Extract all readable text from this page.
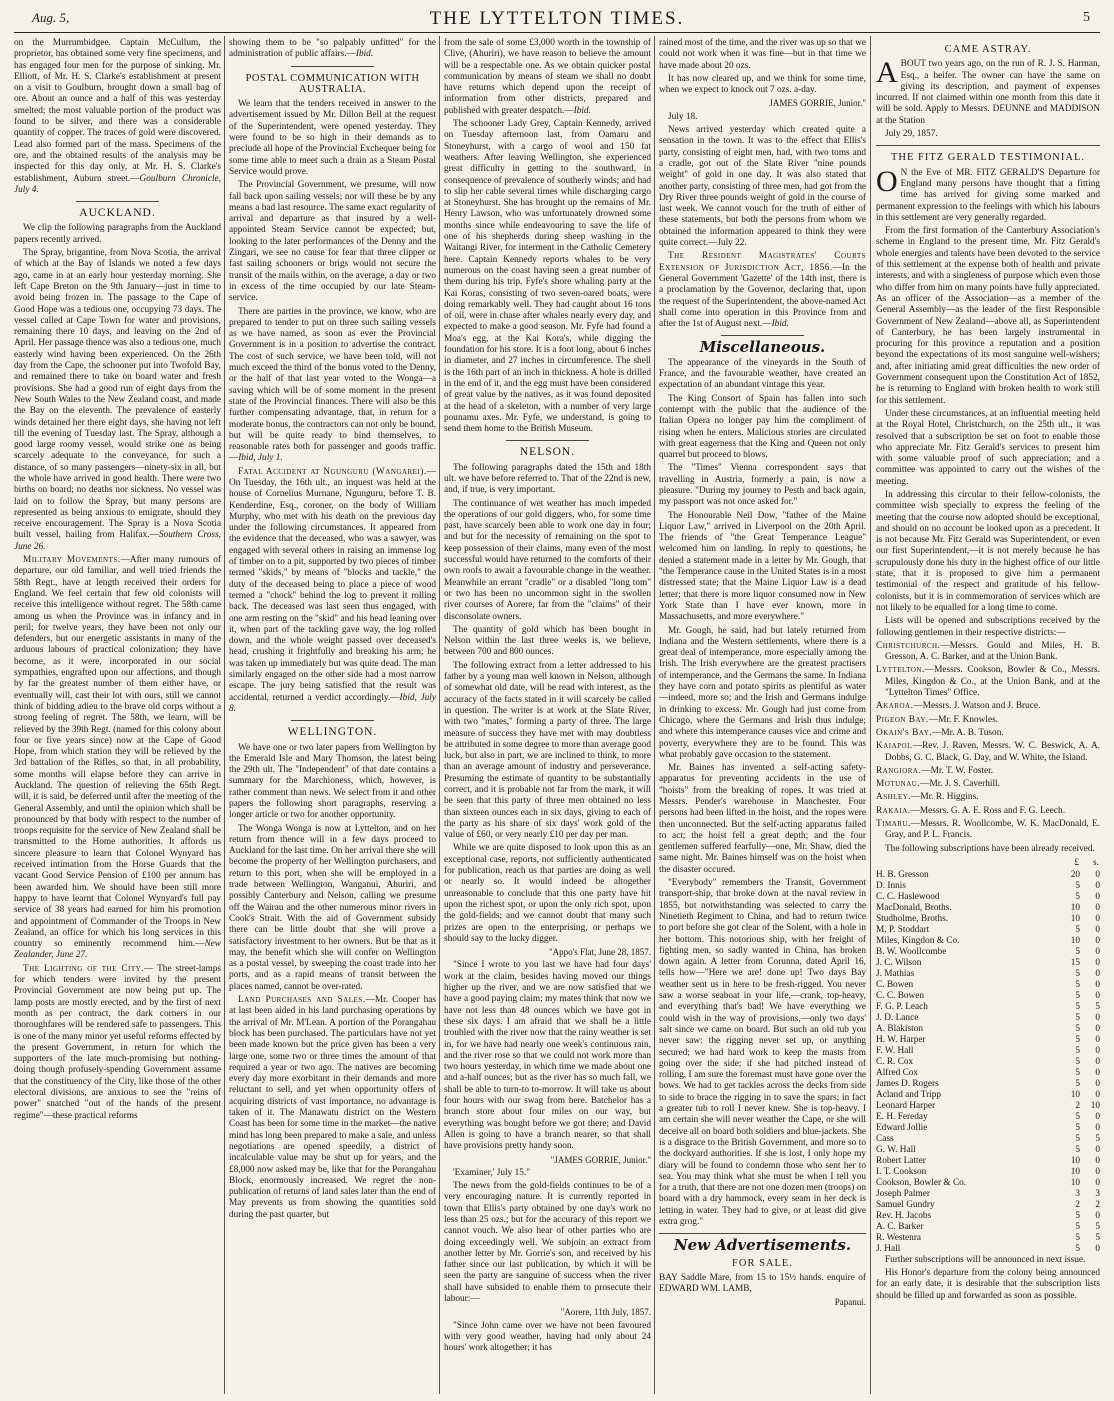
Aug. 5,	THE LYTTELTON TIMES.	5

on the Murrumbidgee. Captain McCullum, the proprietor, has obtained some very fine specimens, and has engaged four men for the purpose of sinking. Mr. Elliott, of Mr. H. S. Clarke's establishment at present on a visit to Goulburn, brought down a small bag of ore. About an ounce and a half of this was yesterday smelted; the most valuable portion of the product was found to be silver, and there was a considerable quantity of copper. The traces of gold were discovered. Lead also formed part of the mass. Specimens of the ore, and the obtained results of the analysis may be inspected for this day only, at Mr. H. S. Clarke's establishment, Auburn street.—Goulburn Chronicle, July 4.

AUCKLAND.

We clip the following paragraphs from the Auckland papers recently arrived.

The Spray, brigantine, from Nova Scotia, the arrival of which at the Bay of Islands we noted a few days ago, came in at an early hour yesterday morning. She left Cape Breton on the 9th January—just in time to avoid being frozen in. The passage to the Cape of Good Hope was a tedious one, occupying 73 days. The vessel called at Cape Town for water and provisions, remaining there 10 days, and leaving on the 2nd of April. Her passage thence was also a tedious one, much easterly wind having been experienced. On the 26th day from the Cape, the schooner put into Twofold Bay, and remained there to take on board water and fresh provisions. She had a good run of eight days from the New South Wales to the New Zealand coast, and made the Bay on the eleventh. The prevalence of easterly winds detained her there eight days, she having not left till the evening of Tuesday last. The Spray, although a good large roomy vessel, would strike one as being scarcely adequate to the conveyance, for such a distance, of so many passengers—ninety-six in all, but the whole have arrived in good health. There were two births on board; no deaths nor sickness. No vessel was laid on to follow the Spray, but many persons are represented as being anxious to emigrate, should they receive encouragement. The Spray is a Nova Scotia built vessel, hailing from Halifax.—Southern Cross, June 26.

Military Movements.—After many rumours of departure, our old familiar, and well tried friends the 58th Regt., have at length received their orders for England. We feel certain that few old colonists will receive this intelligence without regret. The 58th came among us when the Province was in infancy and in peril; for twelve years, they have been not only our defenders, but our energetic assistants in many of the arduous labours of practical colonization; they have become, as it were, incorporated in our social sympathies, engrafted upon our affections, and though by far the greatest number of them either have, or eventually will, cast their lot with ours, still we cannot think of bidding adieu to the brave old corps without a strong feeling of regret. The 58th, we learn, will be relieved by the 39th Regt. (named for this colony about four or five years since) now at the Cape of Good Hope, from which station they will be relieved by the 3rd battalion of the Rifles, so that, in all probability, some months will elapse before they can arrive in Auckland. The question of relieving the 65th Regt. will, it is said, be deferred until after the meeting of the General Assembly, and until the opinion which shall be pronounced by that body with respect to the number of troops requisite for the service of New Zealand shall be transmitted to the Home authorities. It affords us sincere pleasure to learn that Colonel Wynyard has received intimation from the Horse Guards that the vacant Good Service Pension of £100 per annum has been awarded him. We should have been still more happy to have learnt that Colonel Wynyard's full pay service of 38 years had earned for him his promotion and appointment of Commander of the Troops in New Zealand, an office for which his long services in this country so eminently recommend him.—New Zealander, June 27.

The Lighting of the City.— The street-lamps for which tenders were invited by the present Provincial Government are now being put up. The lamp posts are mostly erected, and by the first of next month as per contract, the dark corners in our thoroughfares will be rendered safe to passengers. This is one of the many minor yet useful reforms effected by the present Government, in return for which the supporters of the late much-promising but nothing-doing though profusely-spending Government assume that the constituency of the City, like those of the other electoral divisions, are anxious to see the "reins of power" snatched "out of the hands of the present regime"—these practical reforms

showing them to be "so palpably unfitted" for the administration of public affairs.—Ibid.

POSTAL COMMUNICATION WITH AUSTRALIA.

We learn that the tenders received in answer to the advertisement issued by Mr. Dillon Bell at the request of the Superintendent, were opened yesterday. They were found to be so high in their demands as to preclude all hope of the Provincial Exchequer being for some time able to meet such a drain as a Steam Postal Service would prove.

The Provincial Government, we presume, will now fall back upon sailing vessels; nor will these be by any means a bad last resource. The same exact regularity of arrival and departure as that insured by a well-appointed Steam Service cannot be expected; but, looking to the later performances of the Denny and the Zingari, we see no cause for fear that three clipper or fast sailing schooners or brigs would not secure the transit of the mails within, on the average, a day or two in excess of the time occupied by our late Steam-service.

There are parties in the province, we know, who are prepared to tender to put on three such sailing vessels as we have named, as soon as ever the Provincial Government is in a position to advertise the contract. The cost of such service, we have been told, will not much exceed the third of the bonus voted to the Denny, or the half of that last year voted to the Wonga—a saving which will be of some moment in the present state of the Provincial finances. There will also be this further compensating advantage, that, in return for a moderate bonus, the contractors can not only be bound, but will be quite ready to bind themselves, to reasonable rates both for passenger and goods traffic.—Ibid, July 1.

Fatal Accident at Ngunguru (Wangarei).—On Tuesday, the 16th ult., an inquest was held at the house of Cornelius Murnane, Ngunguru, before T. B. Kenderdine, Esq., coroner, on the body of William Murphy, who met with his death on the previous day under the following circumstances. It appeared from the evidence that the deceased, who was a sawyer, was engaged with several others in raising an immense log of timber on to a pit, supported by two pieces of timber termed "skids," by means of "blocks and tackle," the duty of the deceased being to place a piece of wood termed a "chock" behind the log to prevent it rolling back. The deceased was last seen thus engaged, with one arm resting on the "skid" and his head leaning over it, when part of the tackling gave way, the log rolled down, and the whole weight passed over deceased's head, crushing it frightfully and breaking his arm; he was taken up immediately but was quite dead. The man similarly engaged on the other side had a most narrow escape. The jury being satisfied that the result was accidental, returned a verdict accordingly.—Ibid, July 8.

WELLINGTON.

We have one or two later papers from Wellington by the Emerald Isle and Mary Thomson, the latest being the 29th ult. The "Independent" of that date contains a summary for the Marchioness, which, however, is rather comment than news. We select from it and other papers the following short paragraphs, reserving a longer article or two for another opportunity.

The Wonga Wonga is now at Lyttelton, and on her return from thence will in a few days proceed to Auckland for the last time. On her arrival there she will become the property of her Wellington purchasers, and return to this port, when she will be employed in a trade between Wellington, Wanganui, Ahuriri, and possibly Canterbury and Nelson, calling we presume off the Wairau and the other numerous minor rivers in Cook's Strait. With the aid of Government subsidy there can be little doubt that she will prove a satisfactory investment to her owners. But be that as it may, the benefit which she will confer on Wellington as a postal vessel, by sweeping the coast trade into her ports, and as a rapid means of transit between the places named, cannot be over-rated.

Land Purchases and Sales.—Mr. Cooper has at last been aided in his land purchasing operations by the arrival of Mr. M'Lean. A portion of the Porangahau block has been purchased. The particulars have not yet been made known but the price given has been a very large one, some two or three times the amount of that required a year or two ago. The natives are becoming every day more exorbitant in their demands and more reluctant to sell, and yet when opportunity offers of acquiring districts of vast importance, no advantage is taken of it. The Manawatu district on the Western Coast has been for some time in the market—the native mind has long been prepared to make a sale, and unless negotiations are opened speedily, a district of incalculable value may be shut up for years, and the £8,000 now asked may be, like that for the Porangahau Block, enormously increased. We regret the non-publication of returns of land sales later than the end of May prevents us from showing the quantities sold during the past quarter, but

from the sale of some £3,000 worth in the township of Clive, (Ahuriri), we have reason to believe the amount will be a respectable one. As we obtain quicker postal communication by means of steam we shall no doubt have returns which depend upon the receipt of information from other districts, prepared and published with greater despatch.—Ibid.

The schooner Lady Grey, Captain Kennedy, arrived on Tuesday afternoon last, from Oamaru and Stoneyhurst, with a cargo of wool and 150 fat weathers. After leaving Wellington, she experienced great difficulty in getting to the southward, in consequence of prevalence of southerly winds; and had to slip her cable several times while discharging cargo at Stoneyhurst. She has brought up the remains of Mr. Henry Lawson, who was unfortunately drowned some months since while endeavouring to save the life of one of his shepherds during sheep washing in the Waitangi River, for interment in the Catholic Cemetery here. Captain Kennedy reports whales to be very numerous on the coast having seen a great number of them during his trip. Fyfe's shore whaling party at the Kai Koras, consisting of two seven-oared boats, were doing remarkably well. They had caught about 16 tons of oil, were in chase after whales nearly every day, and expected to make a good season. Mr. Fyfe had found a Moa's egg, at the Kai Kora's, while digging the foundation for his store. It is a foot long, about 6 inches in diameter, and 27 inches in circumference. The shell is the 16th part of an inch in thickness. A hole is drilled in the end of it, and the egg must have been considered of great value by the natives, as it was found deposited at the head of a skeleton, with a number of very large pounamu axes. Mr. Fyfe, we understand, is going to send them home to the British Museum.

NELSON.

The following paragraphs dated the 15th and 18th ult. we have before referred to. That of the 22nd is new, and, if true, is very important.

The continuance of wet weather has much impeded the operations of our gold diggers, who, for some time past, have scarcely been able to work one day in four; and but for the necessity of remaining on the spot to keep possession of their claims, many even of the most successful would have returned to the comforts of their own roofs to await a favourable change in the weather. Meanwhile an errant "cradle" or a disabled "long tom" or two has been no uncommon sight in the swollen river courses of Aorere, far from the "claims" of their disconsolate owners.

The quantity of gold which has been bought in Nelson within the last three weeks is, we believe, between 700 and 800 ounces.

The following extract from a letter addressed to his father by a young man well known in Nelson, although of somewhat old date, will be read with interest, as the accuracy of the facts stated in it will scarcely be called in question. The writer is at work at the Slate River, with two "mates," forming a party of three. The large measure of success they have met with may doubtless be attributed in some degree to more than average good luck, but also in part, we are inclined to think, to more than an average amount of industry and perseverance. Presuming the estimate of quantity to be substantially correct, and it is probable not far from the mark, it will be seen that this party of three men obtained no less than sixteen ounces each in six days, giving to each of the party as his share of six days' work gold of the value of £60, or very nearly £10 per day per man.

While we are quite disposed to look upon this as an exceptional case, reports, not sufficiently authenticated for publication, reach us that parties are doing as well or nearly so. It would indeed be altogether unreasonable to conclude that this one party have hit upon the richest spot, or upon the only rich spot, upon the gold-fields; and we cannot doubt that many such prizes are open to the enterprising, or perhaps we should say to the lucky digger.

"Appo's Flat, June 28, 1857.

"Since I wrote to you last we have had four days' work at the claim, besides having moved our things higher up the river, and we are now satisfied that we have a good paying claim; my mates think that now we have not less than 48 ounces which we have got in these six days. I am afraid that we shall be a little troubled with the river now that the rainy weather is set in, for we have had nearly one week's continuous rain, and the river rose so that we could not work more than two hours yesterday, in which time we made about one and a-half ounces; but as the river has so much fall, we shall be able to turn-to to-morrow. It will take us about four hours with our swag from here. Batchelor has a branch store about four miles on our way, but everything was bought before we got there; and David Allen is going to have a branch nearer, so that shall have provisions pretty handy soon.

"JAMES GORRIE, Junior."

'Examiner,' July 15."

The news from the gold-fields continues to be of a very encouraging nature. It is currently reported in town that Ellis's party obtained by one day's work no less than 25 ozs.; but for the accuracy of this report we cannot vouch. We also hear of other parties who are doing exceedingly well. We subjoin an extract from another letter by Mr. Gorrie's son, and received by his father since our last publication, by which it will be seen the party are sanguine of success when the river shall have subsided to enable them to prosecute their labour:—

"Aorere, 11th July, 1857.

"Since John came over we have not been favoured with very good weather, having had only about 24 hours' work altogether; it has

rained most of the time, and the river was up so that we could not work when it was fine—but in that time we have made about 20 ozs.

It has now cleared up, and we think for some time, when we expect to knock out 7 ozs. a-day.

JAMES GORRIE, Junior."

July 18.

News arrived yesterday which created quite a sensation in the town. It was to the effect that Ellis's party, consisting of eight men, had, with two toms and a cradle, got out of the Slate River "nine pounds weight" of gold in one day. It was also stated that another party, consisting of three men, had got from the Dry River three pounds weight of gold in the course of last week. We cannot vouch for the truth of either of these statements, but both the persons from whom we obtained the information appeared to think they were quite correct.—July 22.

The Resident Magistrates' Courts Extension of Jurisdiction Act, 1856.—In the General Government 'Gazette' of the 14th inst, there is a proclamation by the Governor, declaring that, upon the request of the Superintendent, the above-named Act shall come into operation in this Province from and after the 1st of August next.—Ibid.

Miscellaneous.

The appearance of the vineyards in the South of France, and the favourable weather, have created an expectation of an abundant vintage this year.

The King Consort of Spain has fallen into such contempt with the public that the audience of the Italian Opera no longer pay him the compliment of rising when he enters. Malicious stories are circulated with great eagerness that the King and Queen not only quarrel but proceed to blows.

The "Times" Vienna correspondent says that travelling in Austria, formerly a pain, is now a pleasure. "During my journey to Pesth and back again, my passport was not once asked for."

The Honourable Neil Dow, "father of the Maine Liquor Law," arrived in Liverpool on the 20th April. The friends of "the Great Temperance League" welcomed him on landing. In reply to questions, he denied a statement made in a letter by Mr. Gough, that "the Temperance cause in the United States is in a most distressed state; that the Maine Liquor Law is a dead letter; that there is more liquor consumed now in New York State than I have ever known, more in Massachusetts, and more everywhere."

Mr. Gough, he said, had but lately returned from Indiana and the Western settlements, where there is a great deal of intemperance, more especially among the Irish. The Irish everywhere are the greatest practisers of intemperance, and the Germans the same. In Indiana they have corn and potato spirits as plentiful as water—indeed, more so; and the Irish and Germans indulge in drinking to excess. Mr. Gough had just come from Chicago, where the Germans and Irish thus indulge; and where this intemperance causes vice and crime and poverty, everywhere they are to be found. This was what probably gave occasion to the statement.

Mr. Baines has invented a self-acting safety-apparatus for preventing accidents in the use of "hoists" from the breaking of ropes. It was tried at Messrs. Pender's warehouse in Manchester. Four persons had been lifted in the hoist, and the ropes were then unconnected. But the self-acting apparatus failed to act; the hoist fell a great depth; and the four gentlemen suffered fearfully—one, Mr. Shaw, died the same night. Mr. Baines himself was on the hoist when the disaster occured.

"Everybody" remembers the Transit, Government transport-ship, that broke down at the naval review in 1855, but notwithstanding was selected to carry the Ninetieth Regiment to China, and had to return twice to port before she got clear of the Solent, with a hole in her bottom. This notorious ship, with her freight of fighting men, so sadly wanted in China, has broken down again. A letter from Corunna, dated April 16, tells how—"Here we are! done up! Two days Bay weather sent us in here to be fresh-rigged. You never saw a worse seaboat in your life,—crank, top-heavy, and everything that's bad! We have everything we could wish in the way of provisions,—only two days' salt since we came on board. But such an old tub you never saw: the rigging never set up, or anything secured; we had hard work to keep the masts from going over the side; if she had pitched instead of rolling, I am sure the foremast must have gone over the bows. We had to get tackles across the decks from side to side to brace the rigging in to save the spars; in fact a greater tub to roll I never knew. She is top-heavy. I am certain she will never weather the Cape, or she will deceive all on board both soldiers and blue-jackets. She is a disgrace to the British Government, and more so to the dockyard authorities. If she is lost, I only hope my diary will be found to condemn those who sent her to sea. You may think what she must be when I tell you for a truth, that there are not one dozen men (troops) on board with a dry hammock, every seam in her deck is letting in water. They had to give, or at least did give extra grog."

New Advertisements.
FOR SALE.

BAY Saddle Mare, from 15 to 15½ hands. enquire of EDWARD WM. LAMB,

Papanui.

CAME ASTRAY.

ABOUT two years ago, on the run of R. J. S. Harman, Esq., a heifer. The owner can have the same on giving its description, and payment of expenses incurred. If not claimed within one month from this date it will be sold. Apply to Messrs. DEUNNE and MADDISON at the Station

July 29, 1857.

THE FITZ GERALD TESTIMONIAL.

O N the Eve of MR. FITZ GERALD'S Departure for England many persons have thought that a fitting time has arrived for giving some marked and permanent expression to the feelings with which his labours in this settlement are very generally regarded.

From the first formation of the Canterbury Association's scheme in England to the present time, Mr. Fitz Gerald's whole energies and talents have been devoted to the service of this settlement at the expense both of health and private interests, and with a singleness of purpose which even those who differ from him on many points have fully appreciated. As an officer of the Association—as a member of the General Assembly—as the leader of the first Responsible Government of New Zealand—above all, as Superintendent of Canterbury, he has been largely instrumental in procuring for this province a reputation and a position beyond the expectations of its most sanguine well-wishers; and, after initiating amid great difficulties the new order of Government consequent upon the Constitution Act of 1852, he is returning to England with broken health to work still for this settlement.

Under these circumstances, at an influential meeting held at the Royal Hotel, Christchurch, on the 25th ult., it was resolved that a subscription be set on foot to enable those who appreciate Mr. Fitz Gerald's services to present him with some valuable proof of such appreciation; and a committee was appointed to carry out the wishes of the meeting.

In addressing this circular to their fellow-colonists, the committee wish specially to express the feeling of the meeting that the course now adopted should be exceptional, and should on no account be looked upon as a precedent. It is not because Mr. Fitz Gerald was Superintendent, or even our first Superintendent,—it is not merely because he has scrupulously done his duty in the highest office of our little state, that it is proposed to give him a permanent testimonial of the respect and gratitude of his fellow-colonists, but it is in commemoration of services which are not likely to be equalled for a long time to come.

Lists will be opened and subscriptions received by the following gentlemen in their respective districts:—

Christchurch.—Messrs. Gould and Miles, H. B. Gresson, A. C. Barker, and at the Union Bank.

Lyttelton.—Messrs. Cookson, Bowler & Co., Messrs. Miles, Kingdon & Co., at the Union Bank, and at the "Lyttelton Times" Office.

Akaroa.—Messrs. J. Watson and J. Bruce.

Pigeon Bay.—Mr. F. Knowles.

Okain's Bay.—Mr. A. B. Tuson.

Kaiapoi.—Rev. J. Raven, Messrs. W. C. Beswick, A. A. Dobbs, G. C. Black, G. Day, and W. White, the Island.

Rangiora.—Mr. T. W. Foster.

Motunau.—Mr. J. S. Caverhill.

Ashley.—Mr. R. Higgins.

Rakaia.—Messrs. G. A. E. Ross and F. G. Leech.

Timaru.—Messrs. R. Woollcombe, W. K. MacDonald, E. Gray, and P. L. Francis.

The following subscriptions have been already received.

	£	s.
H. B. Gresson	20	0
D. Innis	5	0
C. C. Haslewood	5	0
MacDonald, Broths.	10	0
Studholme, Broths.	10	0
M. P. Stoddart	5	0
Miles, Kingdon & Co.	10	0
B. W. Woollcombe	5	0
J. C. Wilson	15	0
J. Mathias	5	0
C. Bowen	5	0
C. C. Bowen	5	0
F. G. P. Leach	5	5
J. D. Lance	5	0
A. Blakiston	5	0
H. W. Harper	5	0
F. W. Hall	5	0
C. R. Cox	5	0
Alfred Cox	5	0
James D. Rogers	5	0
Acland and Tripp	10	0
Leonard Harper	2	10
E. H. Fereday	5	0
Edward Jollie	5	0
Cass	5	5
G. W. Hall	5	0
Robert Latter	10	0
I. T. Cookson	10	0
Cookson, Bowler & Co.	10	0
Joseph Palmer	3	3
Samuel Gundry	2	2
Rev. H. Jacobs	5	0
A. C. Barker	5	5
R. Westenra	5	5
J. Hall	5	0

Further subscriptions will be announced in next issue.

His Honor's departure from the colony being announced for an early date, it is desirable that the subscription lists should be filled up and forwarded as soon as possible.
